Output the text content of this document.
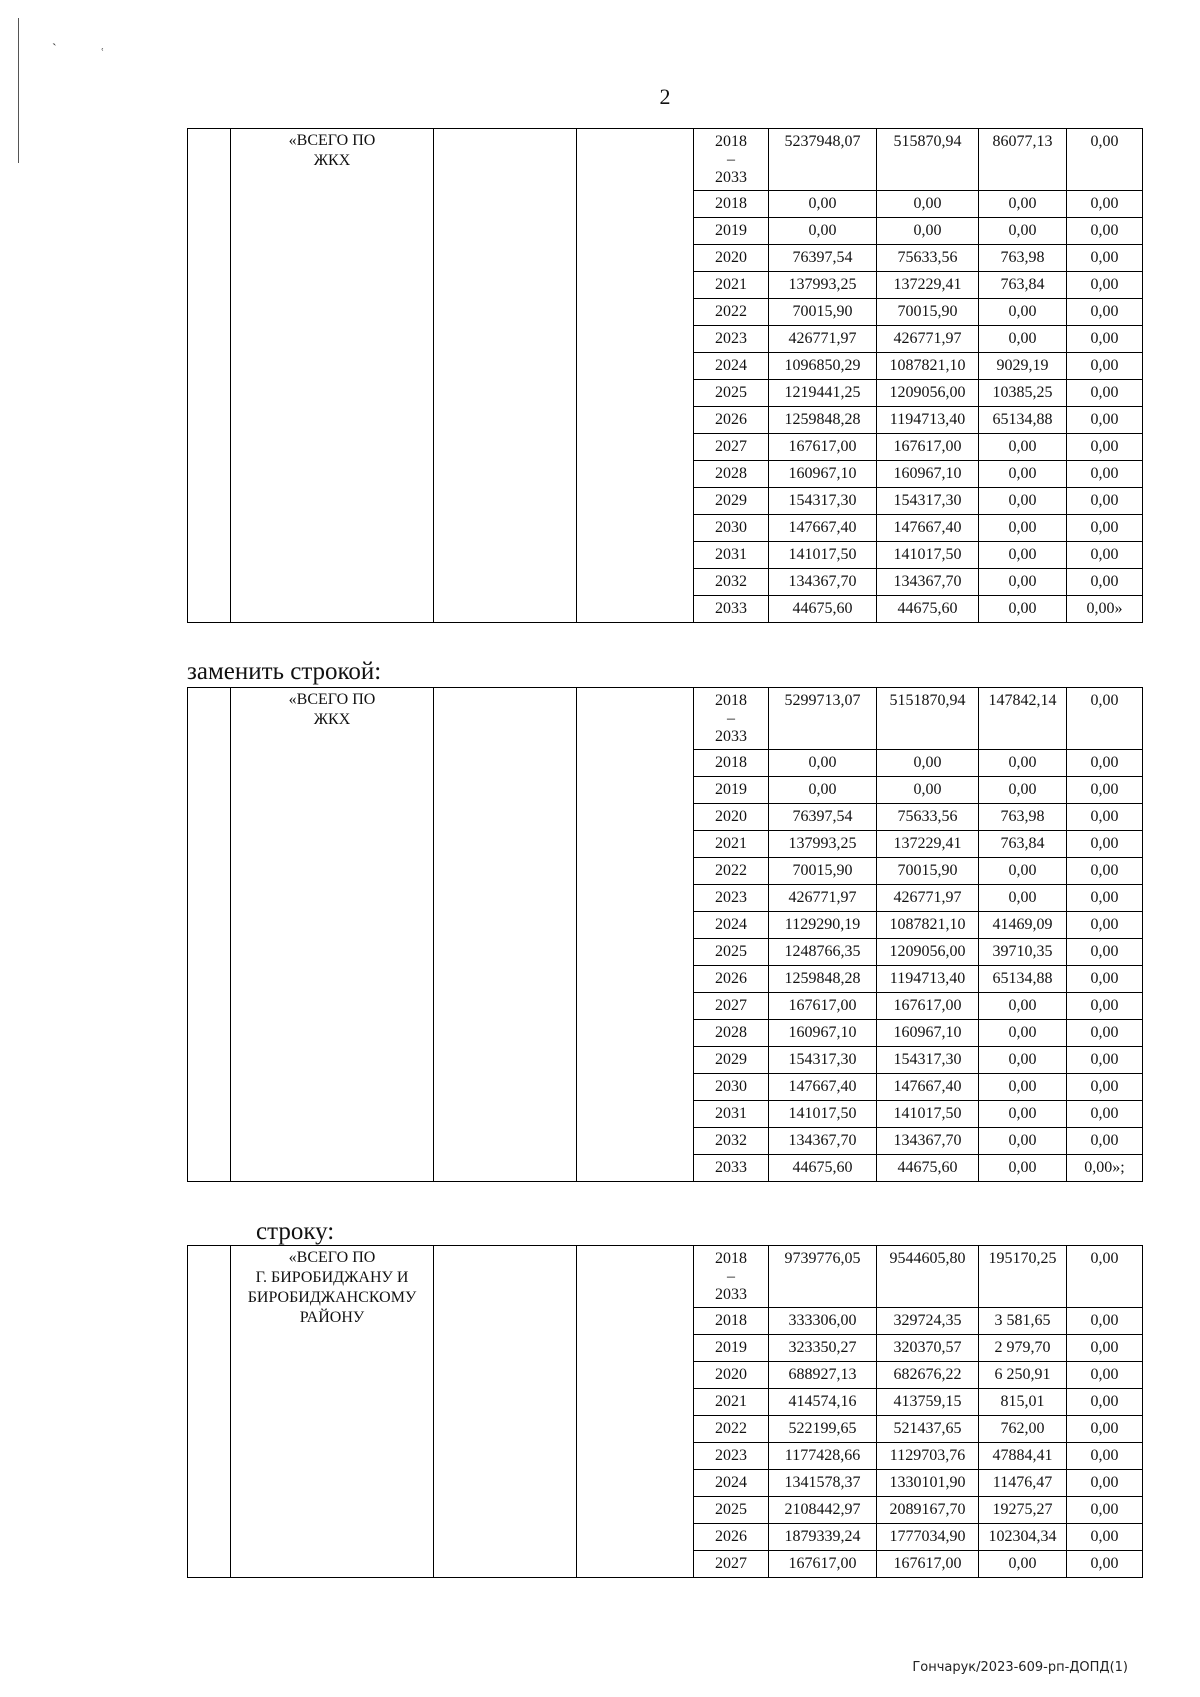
˴	˓
2

	«ВСЕГО ПО
ЖКХ			2018
–
2033	5237948,07	515870,94	86077,13	0,00
				2018	0,00	0,00	0,00	0,00
				2019	0,00	0,00	0,00	0,00
				2020	76397,54	75633,56	763,98	0,00
				2021	137993,25	137229,41	763,84	0,00
				2022	70015,90	70015,90	0,00	0,00
				2023	426771,97	426771,97	0,00	0,00
				2024	1096850,29	1087821,10	9029,19	0,00
				2025	1219441,25	1209056,00	10385,25	0,00
				2026	1259848,28	1194713,40	65134,88	0,00
				2027	167617,00	167617,00	0,00	0,00
				2028	160967,10	160967,10	0,00	0,00
				2029	154317,30	154317,30	0,00	0,00
				2030	147667,40	147667,40	0,00	0,00
				2031	141017,50	141017,50	0,00	0,00
				2032	134367,70	134367,70	0,00	0,00
				2033	44675,60	44675,60	0,00	0,00»
заменить строкой:

	«ВСЕГО ПО
ЖКХ			2018
–
2033	5299713,07	5151870,94	147842,14	0,00
				2018	0,00	0,00	0,00	0,00
				2019	0,00	0,00	0,00	0,00
				2020	76397,54	75633,56	763,98	0,00
				2021	137993,25	137229,41	763,84	0,00
				2022	70015,90	70015,90	0,00	0,00
				2023	426771,97	426771,97	0,00	0,00
				2024	1129290,19	1087821,10	41469,09	0,00
				2025	1248766,35	1209056,00	39710,35	0,00
				2026	1259848,28	1194713,40	65134,88	0,00
				2027	167617,00	167617,00	0,00	0,00
				2028	160967,10	160967,10	0,00	0,00
				2029	154317,30	154317,30	0,00	0,00
				2030	147667,40	147667,40	0,00	0,00
				2031	141017,50	141017,50	0,00	0,00
				2032	134367,70	134367,70	0,00	0,00
				2033	44675,60	44675,60	0,00	0,00»;
строку:

	«ВСЕГО ПО
Г. БИРОБИДЖАНУ И
БИРОБИДЖАНСКОМУ
РАЙОНУ			2018
–
2033	9739776,05	9544605,80	195170,25	0,00
				2018	333306,00	329724,35	3 581,65	0,00
				2019	323350,27	320370,57	2 979,70	0,00
				2020	688927,13	682676,22	6 250,91	0,00
				2021	414574,16	413759,15	815,01	0,00
				2022	522199,65	521437,65	762,00	0,00
				2023	1177428,66	1129703,76	47884,41	0,00
				2024	1341578,37	1330101,90	11476,47	0,00
				2025	2108442,97	2089167,70	19275,27	0,00
				2026	1879339,24	1777034,90	102304,34	0,00
				2027	167617,00	167617,00	0,00	0,00
Гончарук/2023-609-рп-ДОПД(1)
